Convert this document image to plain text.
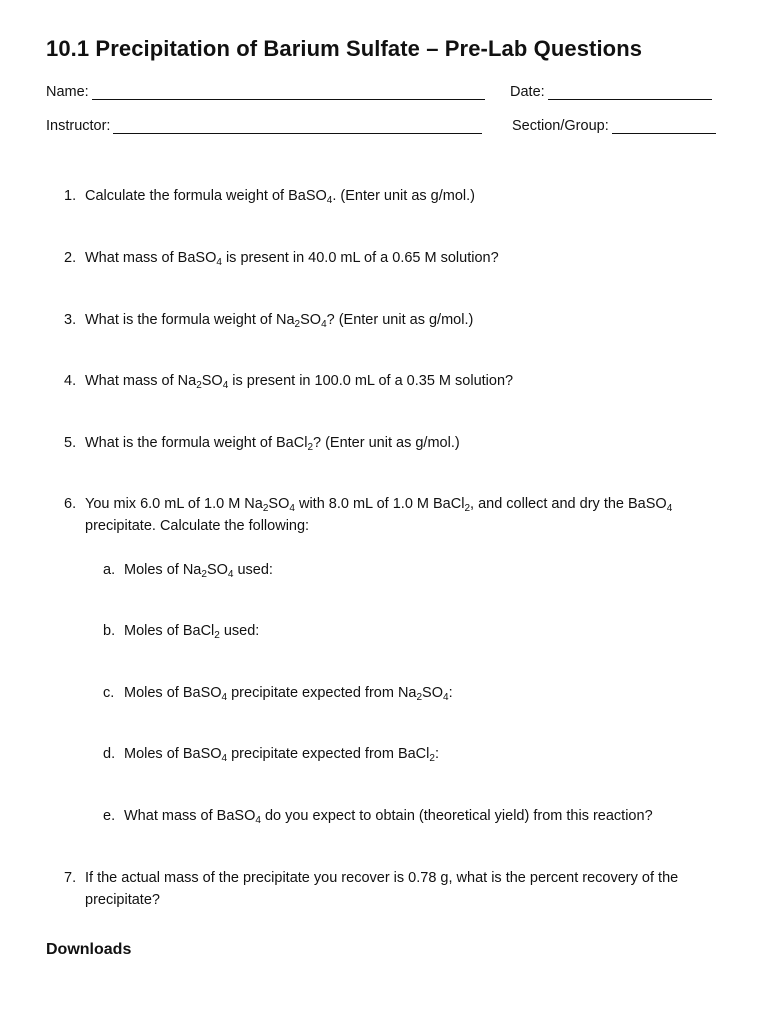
10.1 Precipitation of Barium Sulfate – Pre-Lab Questions
Name:	Date:
Instructor:	Section/Group:
1. Calculate the formula weight of BaSO$_4$. (Enter unit as g/mol.)
2. What mass of BaSO$_4$ is present in 40.0 mL of a 0.65 M solution?
3. What is the formula weight of $Na_2SO_4$? (Enter unit as g/mol.)
4. What mass of $Na_2SO_4$ is present in 100.0 mL of a 0.35 M solution?
5. What is the formula weight of BaCl$_2$? (Enter unit as g/mol.)
6. You mix 6.0 mL of 1.0 M $Na_2SO_4$ with 8.0 mL of 1.0 M BaCl$_2$, and collect and dry the BaSO$_4$ precipitate. Calculate the following:
a. Moles of $Na_2SO_4$ used:
b. Moles of BaCl$_2$ used:
c. Moles of BaSO$_4$ precipitate expected from $Na_2SO_4$:
d. Moles of BaSO$_4$ precipitate expected from BaCl$_2$:
e. What mass of BaSO$_4$ do you expect to obtain (theoretical yield) from this reaction?
7. If the actual mass of the precipitate you recover is 0.78 g, what is the percent recovery of the precipitate?
Downloads
